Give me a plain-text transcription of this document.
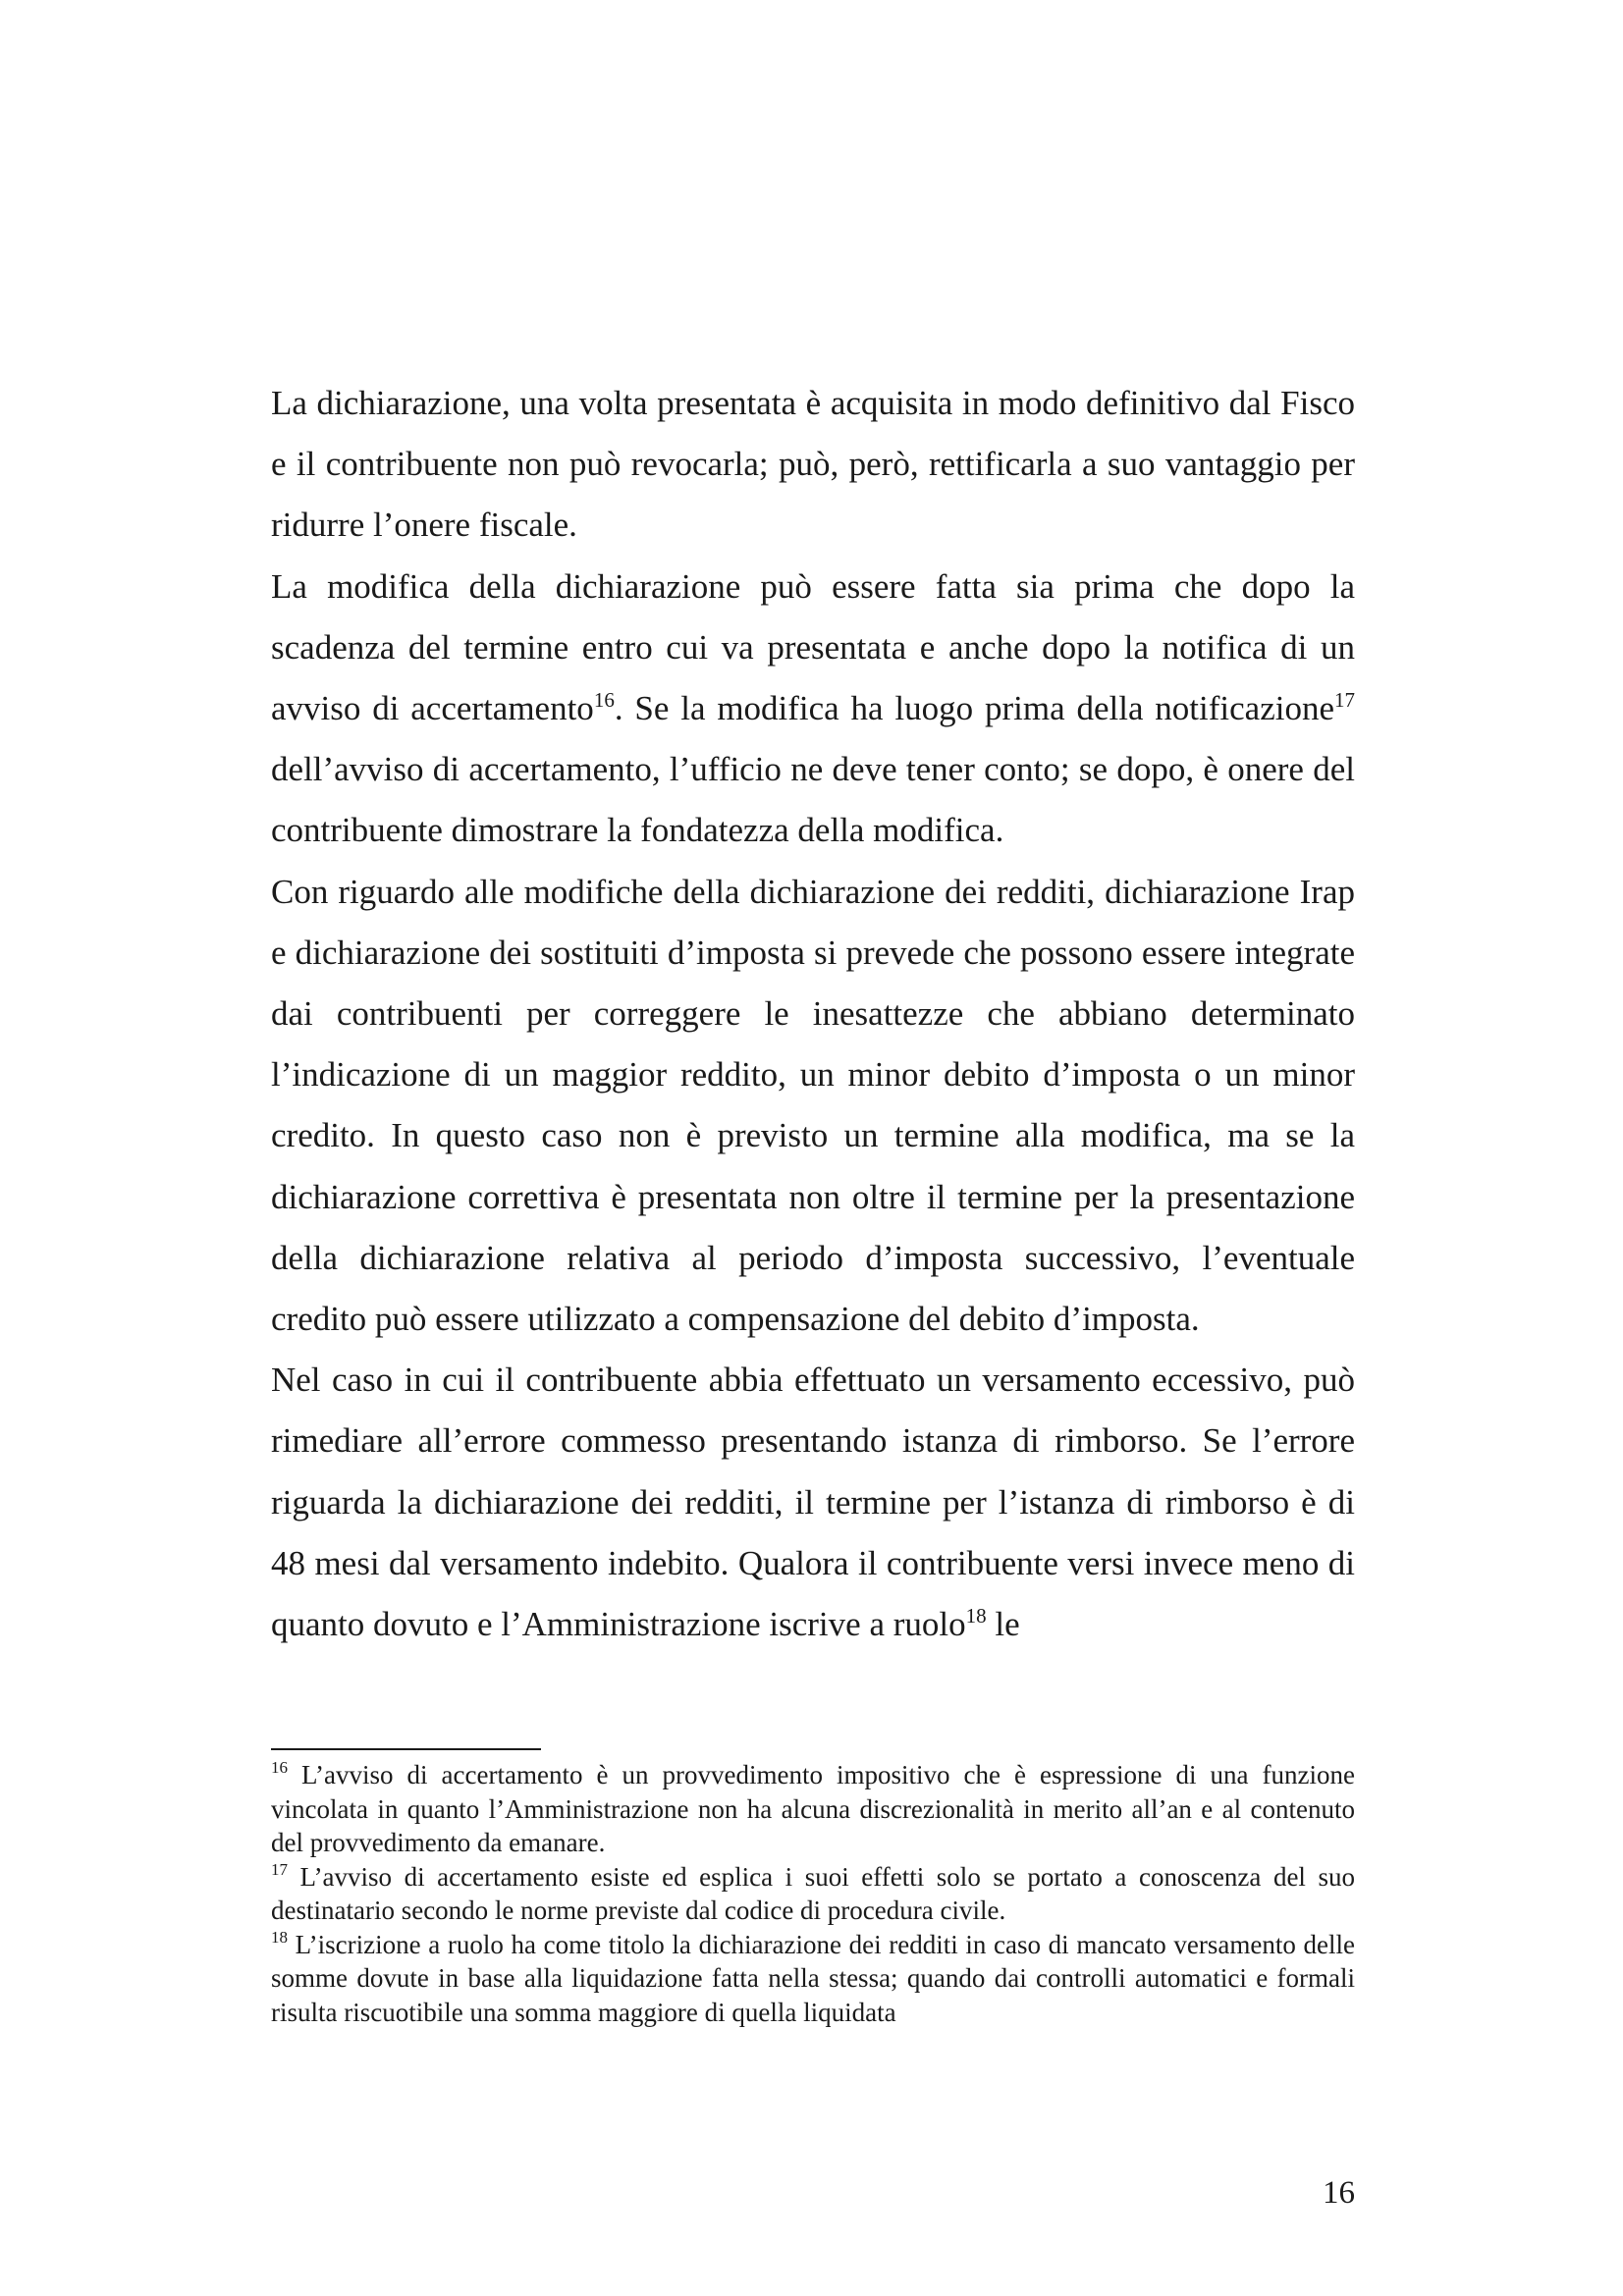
La dichiarazione, una volta presentata è acquisita in modo definitivo dal Fisco e il contribuente non può revocarla; può, però, rettificarla a suo vantaggio per ridurre l’onere fiscale.

La modifica della dichiarazione può essere fatta sia prima che dopo la scadenza del termine entro cui va presentata e anche dopo la notifica di un avviso di accertamento$^{16}$. Se la modifica ha luogo prima della notificazione$^{17}$ dell’avviso di accertamento, l’ufficio ne deve tener conto; se dopo, è onere del contribuente dimostrare la fondatezza della modifica.

Con riguardo alle modifiche della dichiarazione dei redditi, dichiarazione Irap e dichiarazione dei sostituiti d’imposta si prevede che possono essere integrate dai contribuenti per correggere le inesattezze che abbiano determinato l’indicazione di un maggior reddito, un minor debito d’imposta o un minor credito. In questo caso non è previsto un termine alla modifica, ma se la dichiarazione correttiva è presentata non oltre il termine per la presentazione della dichiarazione relativa al periodo d’imposta successivo, l’eventuale credito può essere utilizzato a compensazione del debito d’imposta.

Nel caso in cui il contribuente abbia effettuato un versamento eccessivo, può rimediare all’errore commesso presentando istanza di rimborso. Se l’errore riguarda la dichiarazione dei redditi, il termine per l’istanza di rimborso è di 48 mesi dal versamento indebito. Qualora il contribuente versi invece meno di quanto dovuto e l’Amministrazione iscrive a ruolo$^{18}$ le

$^{16}$ L’avviso di accertamento è un provvedimento impositivo che è espressione di una funzione vincolata in quanto l’Amministrazione non ha alcuna discrezionalità in merito all’an e al contenuto del provvedimento da emanare.

$^{17}$ L’avviso di accertamento esiste ed esplica i suoi effetti solo se portato a conoscenza del suo destinatario secondo le norme previste dal codice di procedura civile.

$^{18}$ L’iscrizione a ruolo ha come titolo la dichiarazione dei redditi in caso di mancato versamento delle somme dovute in base alla liquidazione fatta nella stessa; quando dai controlli automatici e formali risulta riscuotibile una somma maggiore di quella liquidata

16
